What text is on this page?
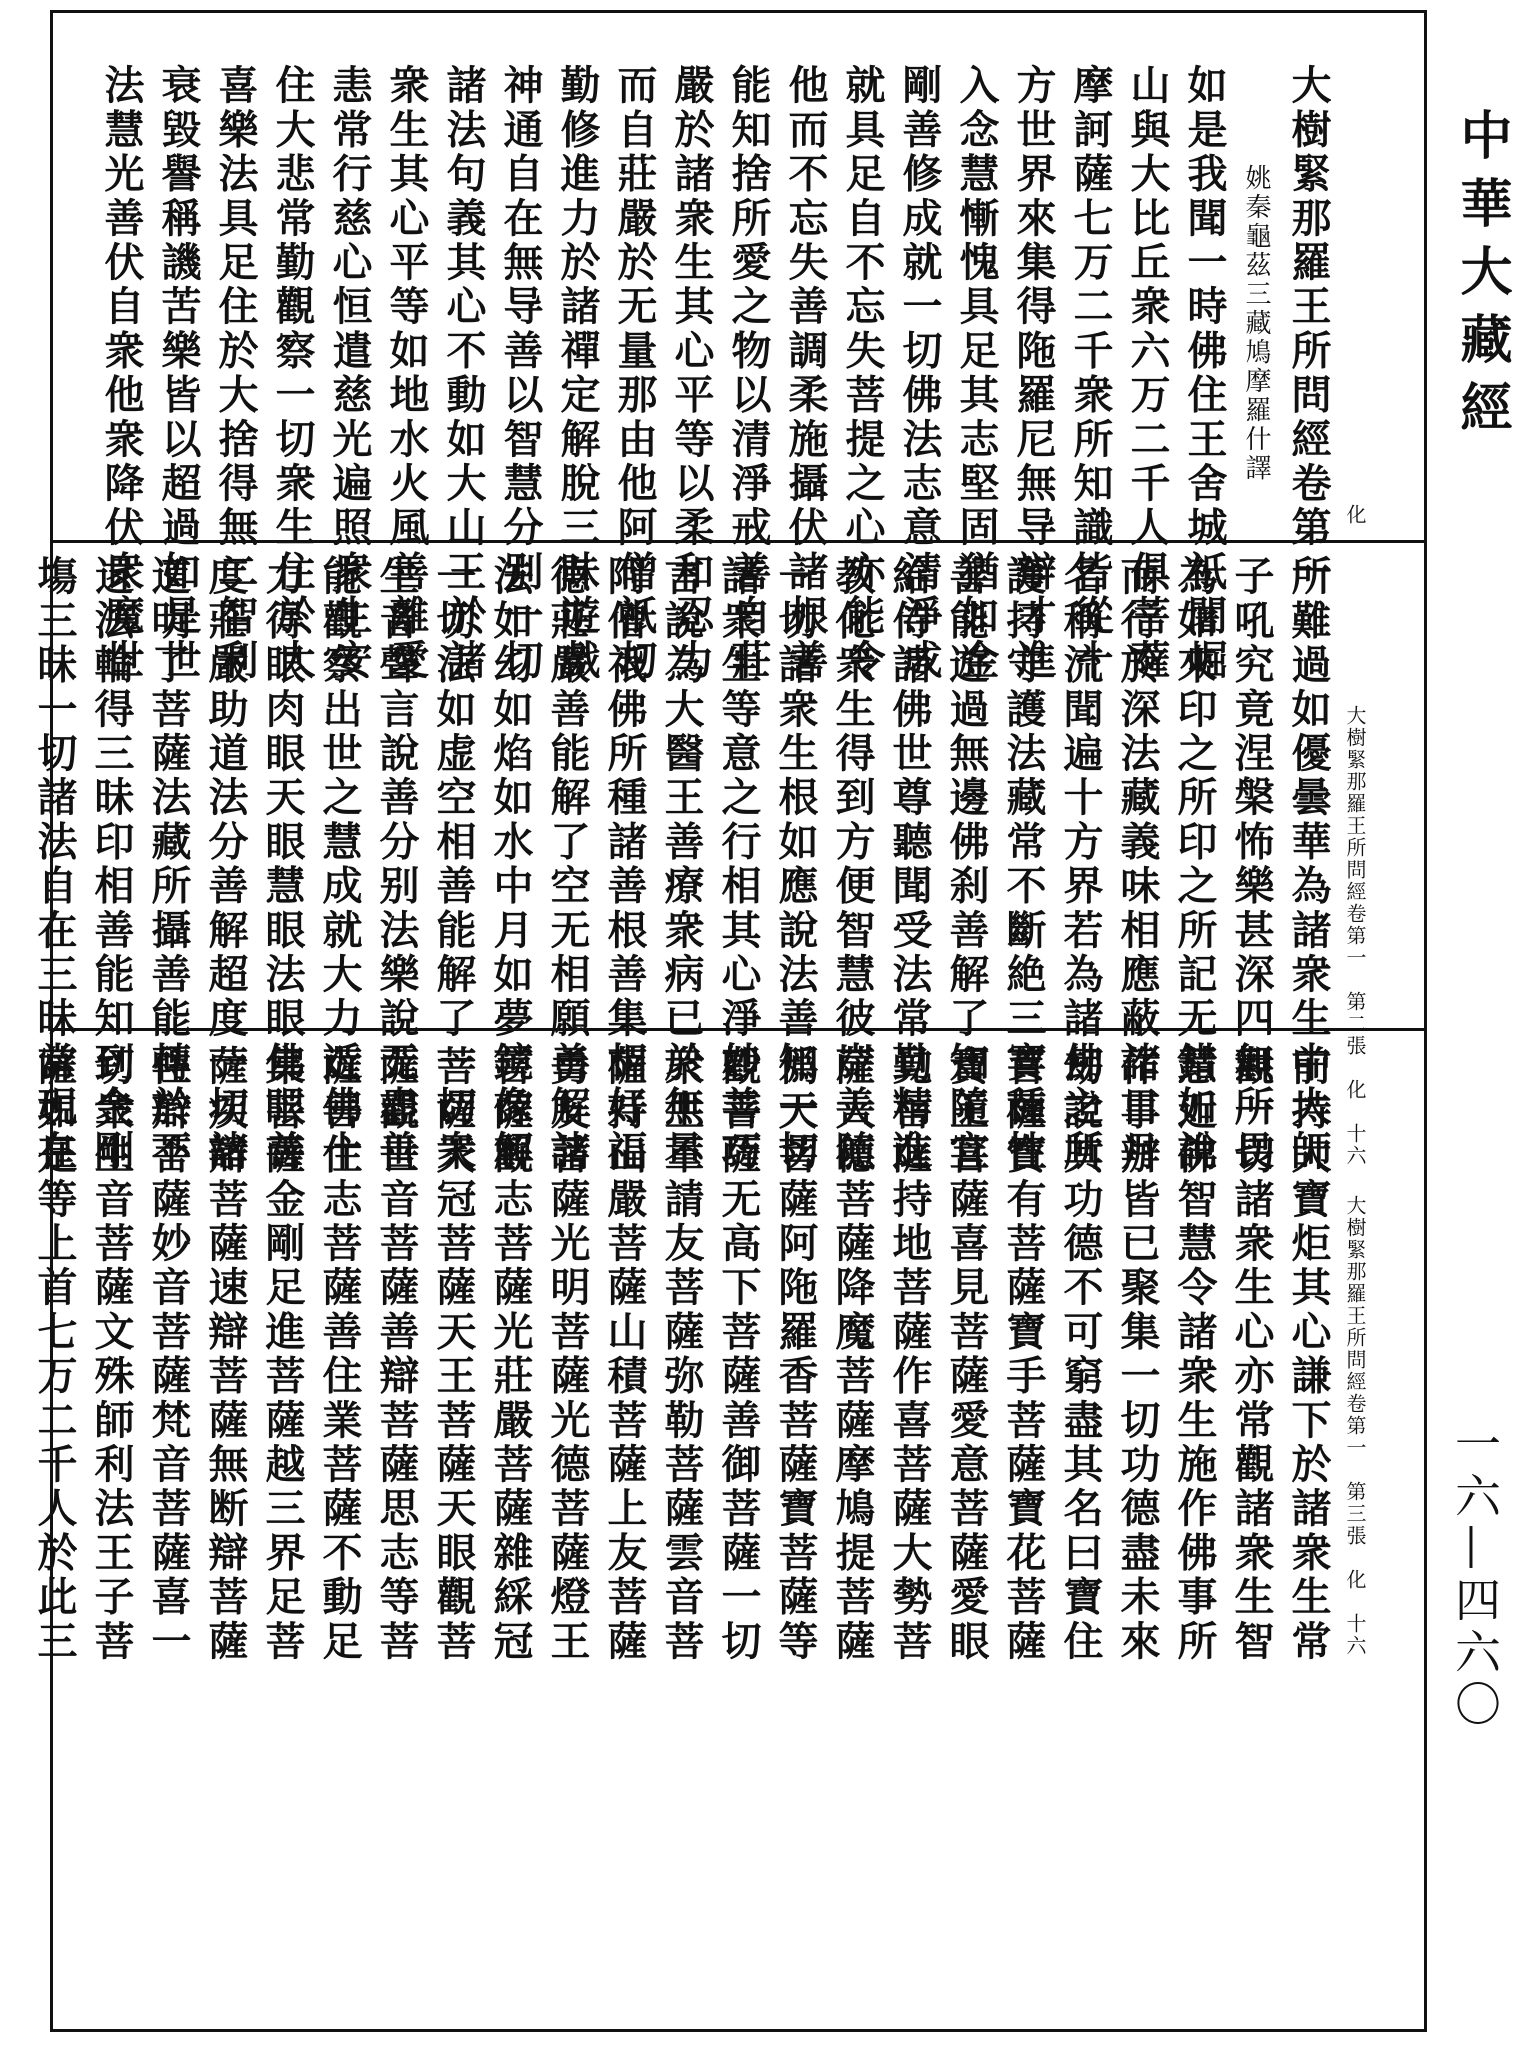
中華大藏經
一六—四六〇
化
大樹緊那羅王所問經卷第一
姚秦龜茲三藏鳩摩羅什譯
如是我聞一時佛住王舍城祇闍崛
山與大比丘衆六万二千人俱菩薩
摩訶薩七万二千衆所知識皆從十
方世界來集得陁羅尼無导辯才進
入念慧慚愧具足其志堅固猶如金
剛善修成就一切佛法志意清淨成
就具足自不忘失菩提之心亦能令
他而不忘失善調柔施攝伏諸根善
能知捨所愛之物以清淨戒善自莊
嚴於諸衆生其心平等以柔和忍力
而自莊嚴於无量那由他阿僧祇刼
勤修進力於諸禪定解脫三昧遊戲
神通自在無导善以智慧分别一切
諸法句義其心不動如大山王於諸
衆生其心平等如地水火風善離愛
恚常行慈心恒遣慈光遍照衆生安
住大悲常勤觀察一切衆生住於大
喜樂法具足住於大捨得無二智利
衰毀譽稱譏苦樂皆以超過如是世
法慧光善伏自衆他衆降伏衆魔世
大樹緊那羅王所問經卷第一　第二張　化　十六
所難過如優曇華為諸衆生中大師
子吼究竟涅槃怖樂甚深四無所畏
為如來印之所印之所記无錯如說
而行於深法藏義味相應蔽諸日月
名稱流聞遍十方界若為諸佛之所
護持守護法藏常不斷絶三寶種性
善能遊過無邊佛刹善解了知隨宜
給侍諸佛世尊聽聞受法常勤精進
教化衆生得到方便智慧彼岸善隨
一切諸衆生根如應說法善知一切
諸衆生等意之行相其心淨妙善巧
言說為大醫王善療衆病已於無量
阿僧祇佛所種諸善根善集相好福
德莊嚴善能解了空无相願善解諸
法如幻如焰如水中月如夢鏡像解
一切法如虚空相善能解了一切衆
生音聲言說善分别法樂說无盡善
能觀察出世之慧成就大力近佛十
力得眼肉眼天眼慧眼法眼佛眼善
度莊嚴助道法分善解超度一切諸
道明了菩薩法藏所攝善能轉於不
退法輪得三昧印相善能知到金剛
塲三昧一切諸法自在三昧常現在
大樹緊那羅王所問經卷第一　第三張　化　十六
前持大寶炬其心謙下於諸衆生常
觀一切諸衆生心亦常觀諸衆生智
慧近佛智慧令諸衆生施作佛事所
作事辦皆已聚集一切功德盡未來
刼說其功德不可窮盡其名曰寶住
菩薩寶有菩薩寶手菩薩寶花菩薩
寶王菩薩喜見菩薩愛意菩薩愛眼
見菩薩持地菩薩作喜菩薩大勢菩
薩大德菩薩降魔菩薩摩鳩提菩薩
僞天菩薩阿陁羅香菩薩寶菩薩等
觀菩薩无高下菩薩善御菩薩一切
衆生不請友菩薩弥勒菩薩雲音菩
薩持山嚴菩薩山積菩薩上友菩薩
勇友菩薩光明菩薩光德菩薩燈王
菩薩觀志菩薩光莊嚴菩薩雜綵冠
菩薩天冠菩薩天王菩薩天眼觀菩
薩觀世音菩薩善辯菩薩思志等菩
薩善住志菩薩善住業菩薩不動足
集菩薩金剛足進菩薩越三界足菩
薩疾辯菩薩速辯菩薩無断辯菩薩
住辯菩薩妙音菩薩梵音菩薩喜一
切衆生音菩薩文殊師利法王子菩
薩如是等上首七万二千人於此三
